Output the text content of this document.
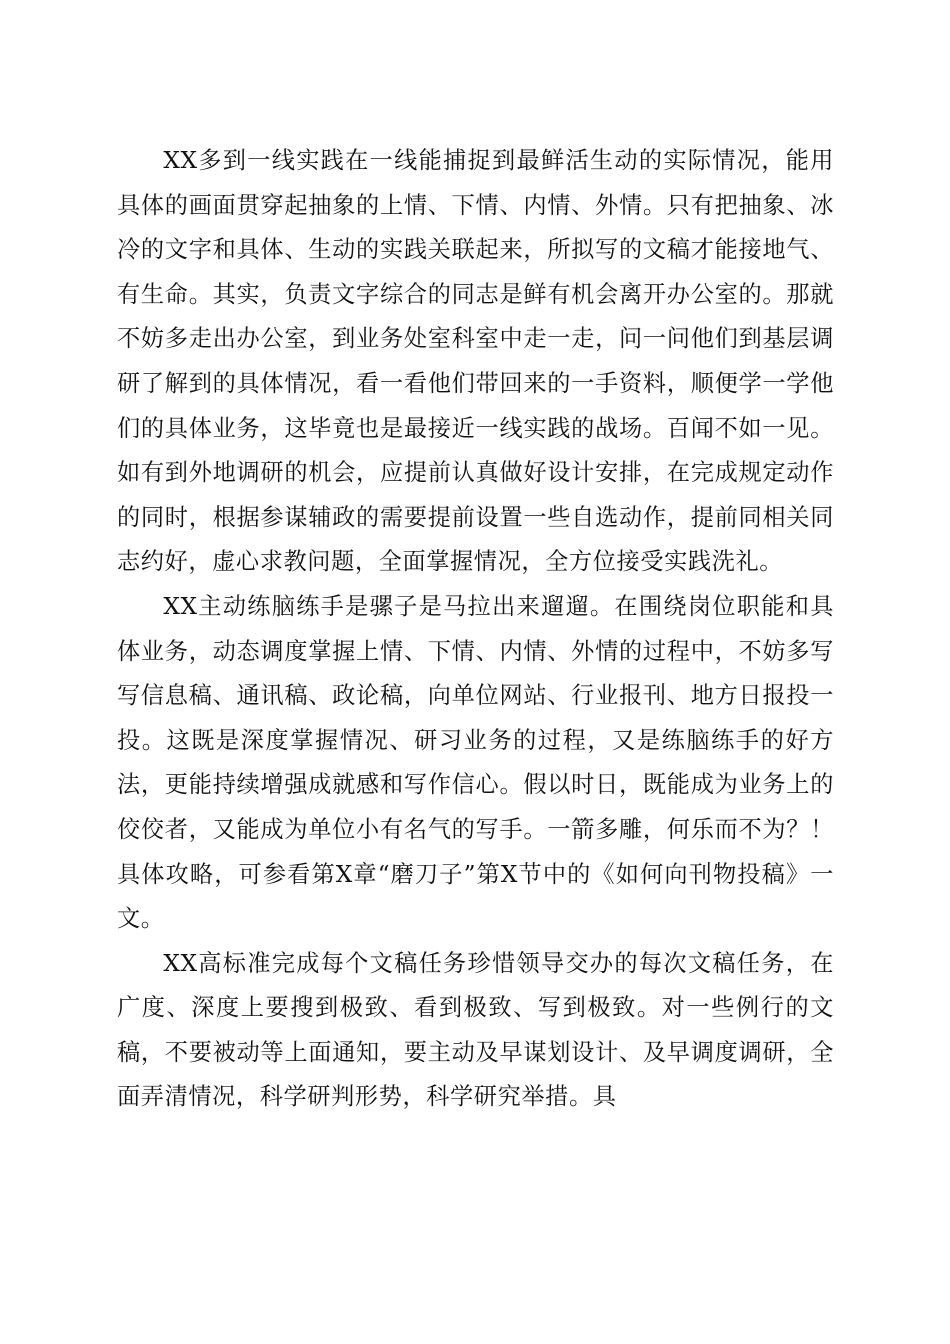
XX多到一线实践在一线能捕捉到最鲜活生动的实际情况，能用具体的画面贯穿起抽象的上情、下情、内情、外情。只有把抽象、冰冷的文字和具体、生动的实践关联起来，所拟写的文稿才能接地气、有生命。其实，负责文字综合的同志是鲜有机会离开办公室的。那就不妨多走出办公室，到业务处室科室中走一走，问一问他们到基层调研了解到的具体情况，看一看他们带回来的一手资料，顺便学一学他们的具体业务，这毕竟也是最接近一线实践的战场。百闻不如一见。如有到外地调研的机会，应提前认真做好设计安排，在完成规定动作的同时，根据参谋辅政的需要提前设置一些自选动作，提前同相关同志约好，虚心求教问题，全面掌握情况，全方位接受实践洗礼。

XX主动练脑练手是骡子是马拉出来遛遛。在围绕岗位职能和具体业务，动态调度掌握上情、下情、内情、外情的过程中，不妨多写写信息稿、通讯稿、政论稿，向单位网站、行业报刊、地方日报投一投。这既是深度掌握情况、研习业务的过程，又是练脑练手的好方法，更能持续增强成就感和写作信心。假以时日，既能成为业务上的佼佼者，又能成为单位小有名气的写手。一箭多雕，何乐而不为？！具体攻略，可参看第X章“磨刀子”第X节中的《如何向刊物投稿》一文。

XX高标准完成每个文稿任务珍惜领导交办的每次文稿任务，在广度、深度上要搜到极致、看到极致、写到极致。对一些例行的文稿，不要被动等上面通知，要主动及早谋划设计、及早调度调研，全面弄清情况，科学研判形势，科学研究举措。具
